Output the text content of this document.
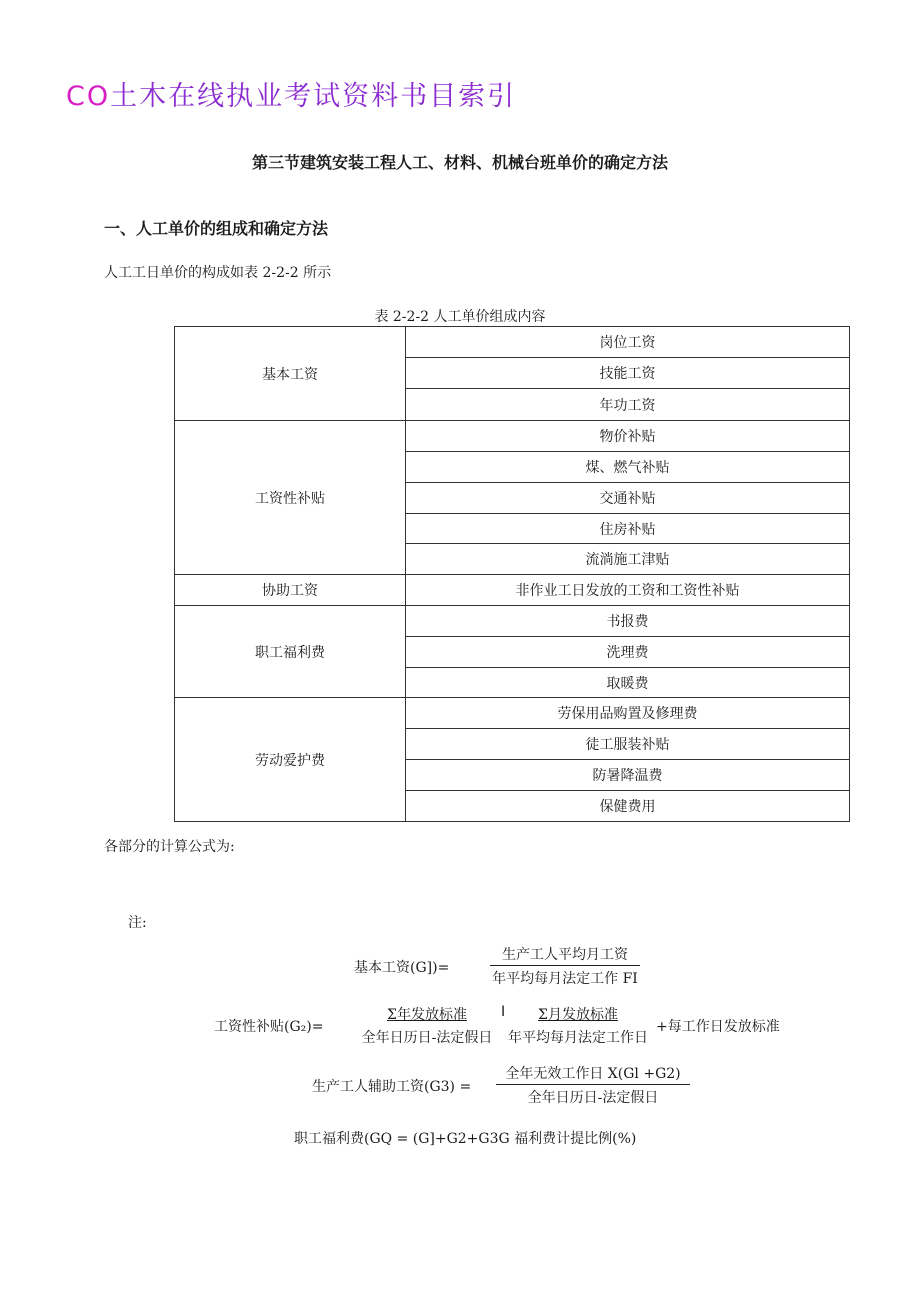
CO土木在线执业考试资料书目索引
第三节建筑安装工程人工、材料、机械台班单价的确定方法
一、人工单价的组成和确定方法
人工工日单价的构成如表 2-2-2 所示
表 2-2-2 人工单价组成内容
基本工资	岗位工资
	技能工资
	年功工资
工资性补贴	物价补贴
	煤、燃气补贴
	交通补贴
	住房补贴
	流淌施工津贴
协助工资	非作业工日发放的工资和工资性补贴
职工福利费	书报费
	洗理费
	取暖费
劳动爱护费	劳保用品购置及修理费
	徒工服装补贴
	防暑降温费
	保健费用
各部分的计算公式为:
注:
基本工资(G])=
生产工人平均月工资
年平均每月法定工作 FI
工资性补贴(G₂)=
Σ年发放标准
全年日历日-法定假日
I	Σ月发放标准
年平均每月法定工作日
+每工作日发放标准
生产工人辅助工资(G3) =
全年无效工作日 X(Gl +G2)
全年日历日-法定假日
职工福利费(GQ = (G]+G2+G3G 福利费计提比例(%)
